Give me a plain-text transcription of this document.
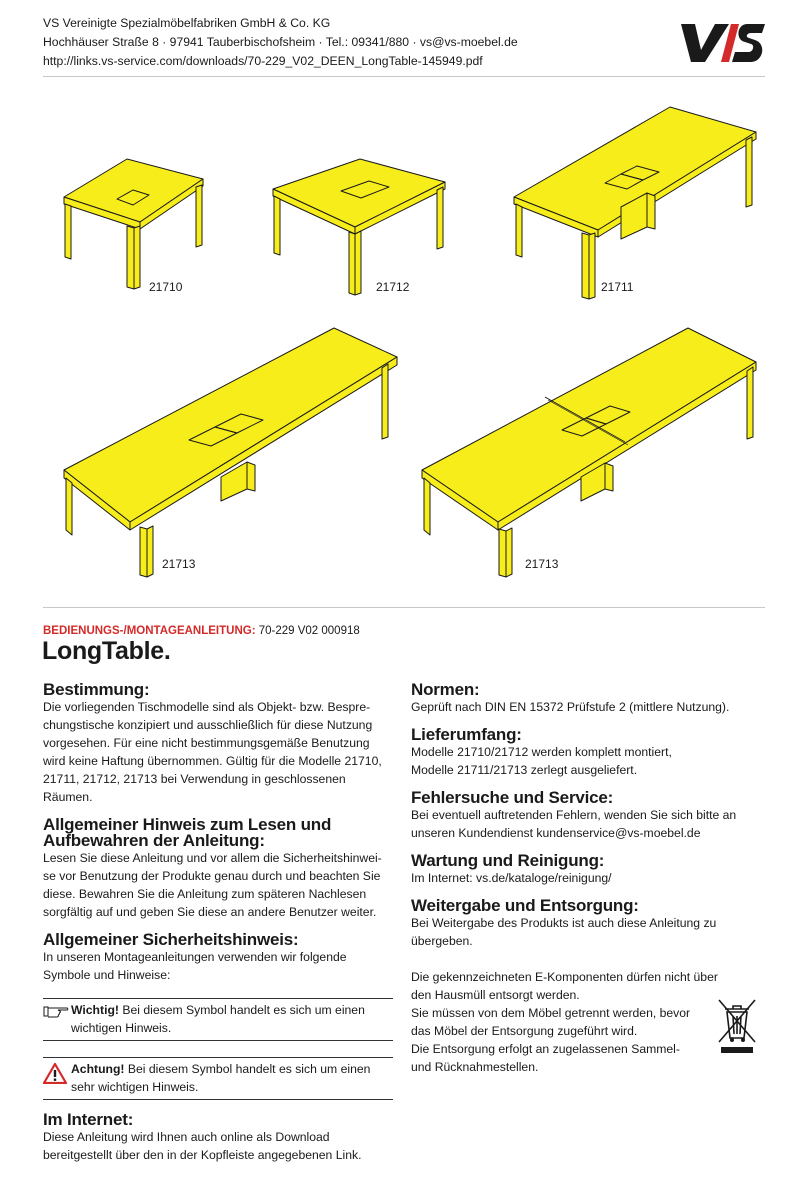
VS Vereinigte Spezialmöbelfabriken GmbH & Co. KG
Hochhäuser Straße 8 · 97941 Tauberbischofsheim · Tel.: 09341/880 · vs@vs-moebel.de
http://links.vs-service.com/downloads/70-229_V02_DEEN_LongTable-145949.pdf
21710	21712	21711
21713	21713
BEDIENUNGS-/MONTAGEANLEITUNG: 70-229 V02 000918
LongTable.
Bestimmung:

Die vorliegenden Tischmodelle sind als Objekt- bzw. Bespre-

chungstische konzipiert und ausschließlich für diese Nutzung

vorgesehen. Für eine nicht bestimmungsgemäße Benutzung

wird keine Haftung übernommen. Gültig für die Modelle 21710,

21711, 21712, 21713 bei Verwendung in geschlossenen Räumen.

Allgemeiner Hinweis zum Lesen und
Aufbewahren der Anleitung:

Lesen Sie diese Anleitung und vor allem die Sicherheitshinwei-

se vor Benutzung der Produkte genau durch und beachten Sie

diese. Bewahren Sie die Anleitung zum späteren Nachlesen

sorgfältig auf und geben Sie diese an andere Benutzer weiter.

Allgemeiner Sicherheitshinweis:

In unseren Montageanleitungen verwenden wir folgende

Symbole und Hinweise:

Wichtig! Bei diesem Symbol handelt es sich um einen
wichtigen Hinweis.
Achtung! Bei diesem Symbol handelt es sich um einen
sehr wichtigen Hinweis.
Im Internet:

Diese Anleitung wird Ihnen auch online als Download

bereitgestellt über den in der Kopfleiste angegebenen Link.

Normen:

Geprüft nach DIN EN 15372 Prüfstufe 2 (mittlere Nutzung).

Lieferumfang:

Modelle 21710/21712 werden komplett montiert,

Modelle 21711/21713 zerlegt ausgeliefert.

Fehlersuche und Service:

Bei eventuell auftretenden Fehlern, wenden Sie sich bitte an

unseren Kundendienst kundenservice@vs-moebel.de

Wartung und Reinigung:

Im Internet: vs.de/kataloge/reinigung/

Weitergabe und Entsorgung:

Bei Weitergabe des Produkts ist auch diese Anleitung zu

übergeben.

Die gekennzeichneten E-Komponenten dürfen nicht über

den Hausmüll entsorgt werden.

Sie müssen von dem Möbel getrennt werden, bevor

das Möbel der Entsorgung zugeführt wird.

Die Entsorgung erfolgt an zugelassenen Sammel-

und Rücknahmestellen.
